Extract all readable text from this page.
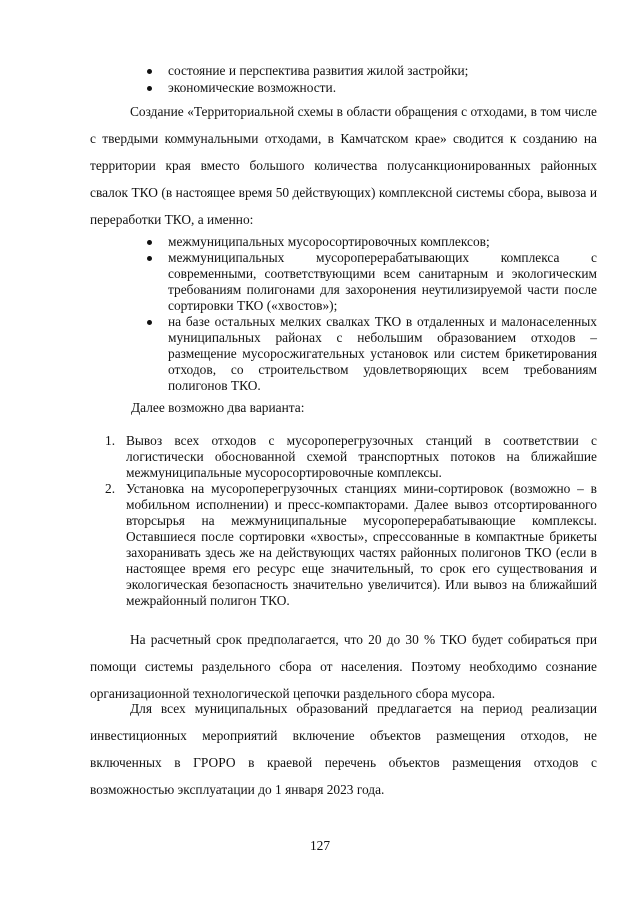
состояние и перспектива развития жилой застройки;
экономические возможности.

Создание «Территориальной схемы в области обращения с отходами, в том числе с твердыми коммунальными отходами, в Камчатском крае» сводится к созданию на территории края вместо большого количества полусанкционированных районных свалок ТКО (в настоящее время 50 действующих) комплексной системы сбора, вывоза и переработки ТКО, а именно:

межмуниципальных мусоросортировочных комплексов;
межмуниципальных мусороперерабатывающих комплекса с современными, соответствующими всем санитарным и экологическим требованиям полигонами для захоронения неутилизируемой части после сортировки ТКО («хвостов»);
на базе остальных мелких свалках ТКО в отдаленных и малонаселенных муниципальных районах с небольшим образованием отходов – размещение мусоросжигательных установок или систем брикетирования отходов, со строительством удовлетворяющих всем требованиям полигонов ТКО.

Далее возможно два варианта:

1. Вывоз всех отходов с мусороперегрузочных станций в соответствии с логистически обоснованной схемой транспортных потоков на ближайшие межмуниципальные мусоросортировочные комплексы.
2. Установка на мусороперегрузочных станциях мини-сортировок (возможно – в мобильном исполнении) и пресс-компакторами. Далее вывоз отсортированного вторсырья на межмуниципальные мусороперерабатывающие комплексы. Оставшиеся после сортировки «хвосты», спрессованные в компактные брикеты захоранивать здесь же на действующих частях районных полигонов ТКО (если в настоящее время его ресурс еще значительный, то срок его существования и экологическая безопасность значительно увеличится). Или вывоз на ближайший межрайонный полигон ТКО.

На расчетный срок предполагается, что 20 до 30 % ТКО будет собираться при помощи системы раздельного сбора от населения. Поэтому необходимо сознание организационной технологической цепочки раздельного сбора мусора.

Для всех муниципальных образований предлагается на период реализации инвестиционных мероприятий включение объектов размещения отходов, не включенных в ГРОРО в краевой перечень объектов размещения отходов с возможностью эксплуатации до 1 января 2023 года.

127
